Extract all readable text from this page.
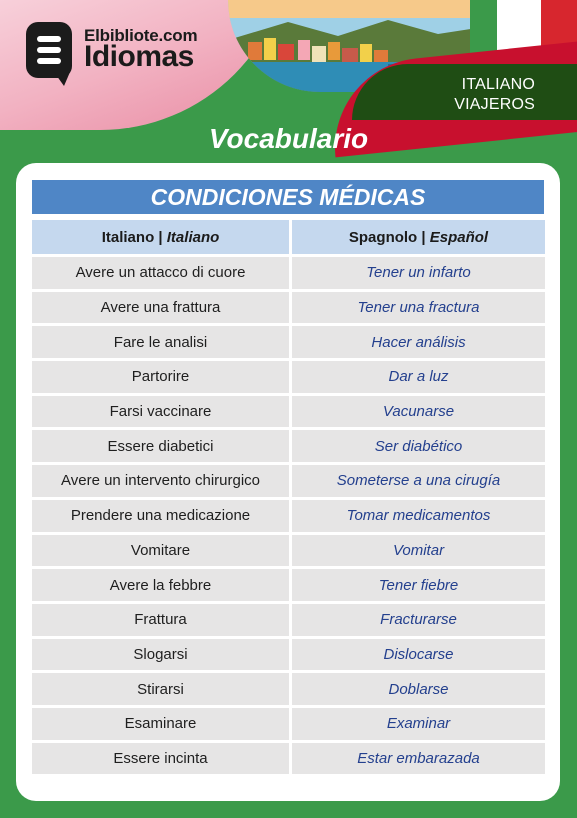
ITALIANO
VIAJEROS
Elbibliote.com
Idiomas
Vocabulario
CONDICIONES MÉDICAS
Italiano | Italiano	Spagnolo | Español
Avere un attacco di cuore	Tener un infarto
Avere una frattura	Tener una fractura
Fare le analisi	Hacer análisis
Partorire	Dar a luz
Farsi vaccinare	Vacunarse
Essere diabetici	Ser diabético
Avere un intervento chirurgico	Someterse a una cirugía
Prendere una medicazione	Tomar medicamentos
Vomitare	Vomitar
Avere la febbre	Tener fiebre
Frattura	Fracturarse
Slogarsi	Dislocarse
Stirarsi	Doblarse
Esaminare	Examinar
Essere incinta	Estar embarazada
